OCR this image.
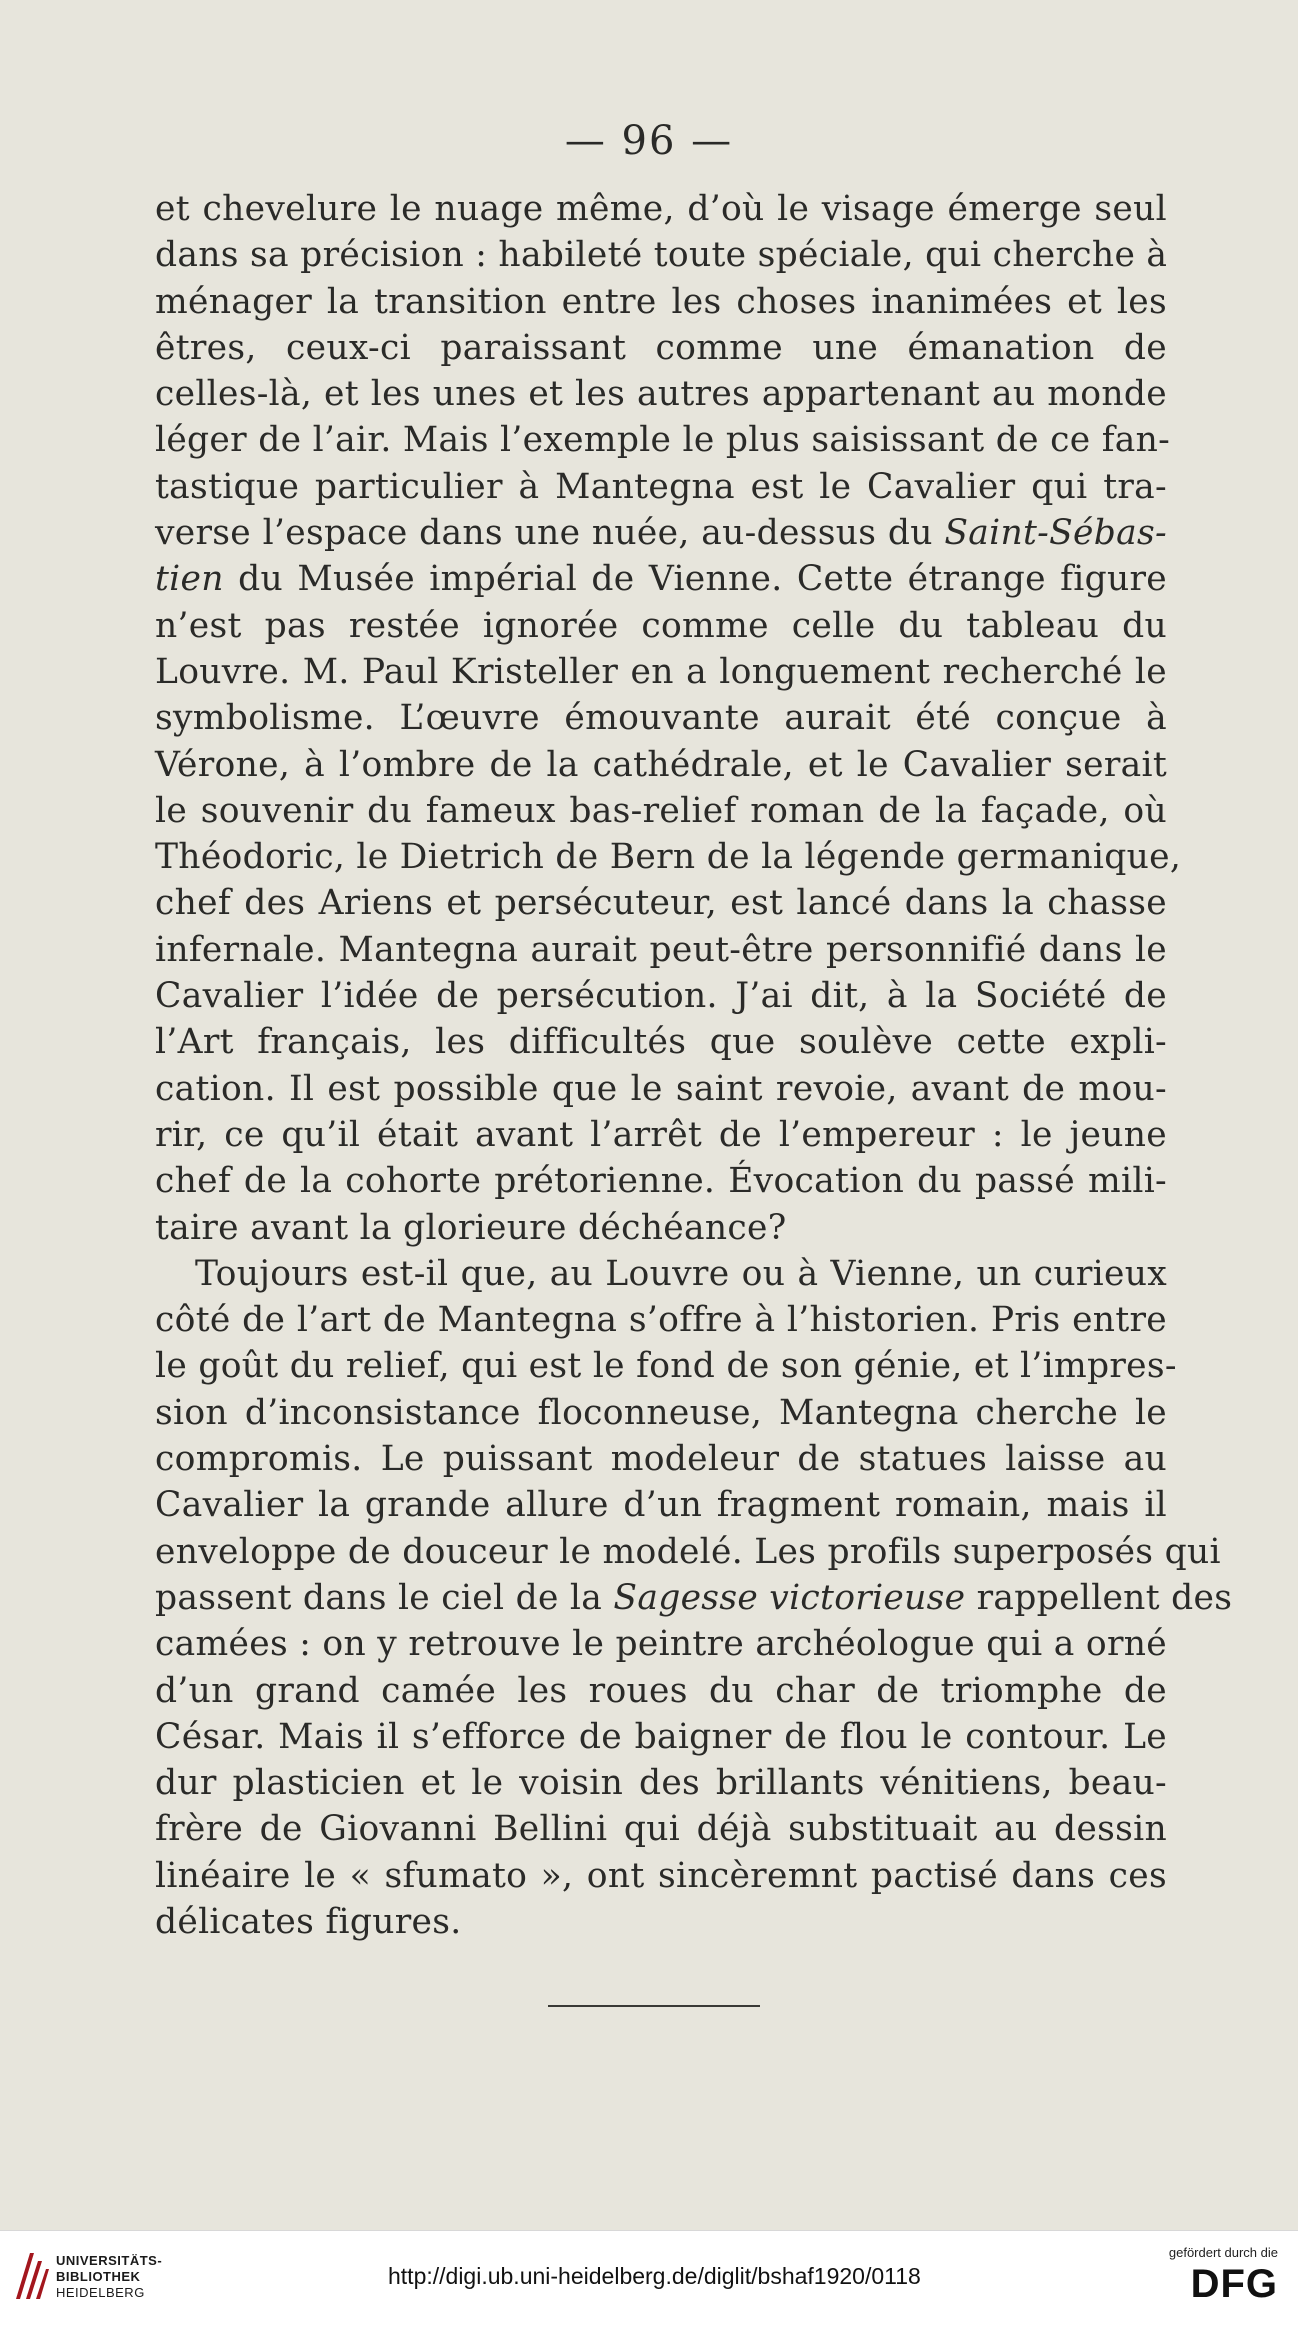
— 96 —
et chevelure le nuage même, d’où le visage émerge seul
dans sa précision : habileté toute spéciale, qui cherche à
ménager la transition entre les choses inanimées et les
êtres, ceux-ci paraissant comme une émanation de
celles-là, et les unes et les autres appartenant au monde
léger de l’air. Mais l’exemple le plus saisissant de ce fan-
tastique particulier à Mantegna est le Cavalier qui tra-
verse l’espace dans une nuée, au-dessus du Saint-Sébas-
tien du Musée impérial de Vienne. Cette étrange figure
n’est pas restée ignorée comme celle du tableau du
Louvre. M. Paul Kristeller en a longuement recherché le
symbolisme. L’œuvre émouvante aurait été conçue à
Vérone, à l’ombre de la cathédrale, et le Cavalier serait
le souvenir du fameux bas-relief roman de la façade, où
Théodoric, le Dietrich de Bern de la légende germanique,
chef des Ariens et persécuteur, est lancé dans la chasse
infernale. Mantegna aurait peut-être personnifié dans le
Cavalier l’idée de persécution. J’ai dit, à la Société de
l’Art français, les difficultés que soulève cette expli-
cation. Il est possible que le saint revoie, avant de mou-
rir, ce qu’il était avant l’arrêt de l’empereur : le jeune
chef de la cohorte prétorienne. Évocation du passé mili-
taire avant la glorieure déchéance?
Toujours est-il que, au Louvre ou à Vienne, un curieux
côté de l’art de Mantegna s’offre à l’historien. Pris entre
le goût du relief, qui est le fond de son génie, et l’impres-
sion d’inconsistance floconneuse, Mantegna cherche le
compromis. Le puissant modeleur de statues laisse au
Cavalier la grande allure d’un fragment romain, mais il
enveloppe de douceur le modelé. Les profils superposés qui
passent dans le ciel de la Sagesse victorieuse rappellent des
camées : on y retrouve le peintre archéologue qui a orné
d’un grand camée les roues du char de triomphe de
César. Mais il s’efforce de baigner de flou le contour. Le
dur plasticien et le voisin des brillants vénitiens, beau-
frère de Giovanni Bellini qui déjà substituait au dessin
linéaire le « sfumato », ont sincèremnt pactisé dans ces
délicates figures.
UNIVERSITÄTS-
BIBLIOTHEK
HEIDELBERG
http://digi.ub.uni-heidelberg.de/diglit/bshaf1920/0118
gefördert durch die
DFG
